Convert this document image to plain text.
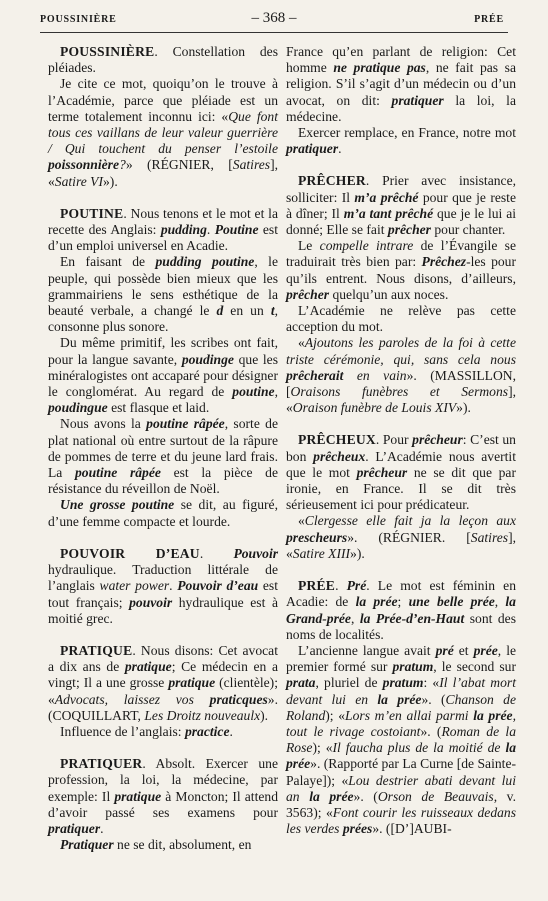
POUSSINIÈRE	– 368 –	PRÉE

POUSSINIÈRE. Constellation des pléiades.

Je cite ce mot, quoiqu’on le trouve à l’Académie, parce que pléiade est un terme totalement inconnu ici: «Que font tous ces vaillans de leur valeur guerrière / Qui touchent du penser l’estoile poissonnière?» (RÉGNIER, [Satires], «Satire VI»).

POUTINE. Nous tenons et le mot et la recette des Anglais: pudding. Poutine est d’un emploi universel en Acadie.

En faisant de pudding poutine, le peuple, qui possède bien mieux que les grammairiens le sens esthétique de la beauté verbale, a changé le d en un t, consonne plus sonore.

Du même primitif, les scribes ont fait, pour la langue savante, poudinge que les minéralogistes ont accaparé pour désigner le conglomérat. Au regard de poutine, poudingue est flasque et laid.

Nous avons la poutine râpée, sorte de plat national où entre surtout de la râpure de pommes de terre et du jeune lard frais. La poutine râpée est la pièce de résistance du réveillon de Noël.

Une grosse poutine se dit, au figuré, d’une femme compacte et lourde.

POUVOIR D’EAU. Pouvoir hydraulique. Traduction littérale de l’anglais water power. Pouvoir d’eau est tout français; pouvoir hydraulique est à moitié grec.

PRATIQUE. Nous disons: Cet avocat a dix ans de pratique; Ce médecin en a vingt; Il a une grosse pratique (clientèle); «Advocats, laissez vos praticques». (COQUILLART, Les Droitz nouveaulx).

Influence de l’anglais: practice.

PRATIQUER. Absolt. Exercer une profession, la loi, la médecine, par exemple: Il pratique à Moncton; Il attend d’avoir passé ses examens pour pratiquer.

Pratiquer ne se dit, absolument, en

France qu’en parlant de religion: Cet homme ne pratique pas, ne fait pas sa religion. S’il s’agit d’un médecin ou d’un avocat, on dit: pratiquer la loi, la médecine.

Exercer remplace, en France, notre mot pratiquer.

PRÊCHER. Prier avec insistance, solliciter: Il m’a prêché pour que je reste à dîner; Il m’a tant prêché que je le lui ai donné; Elle se fait prêcher pour chanter.

Le compelle intrare de l’Évangile se traduirait très bien par: Prêchez-les pour qu’ils entrent. Nous disons, d’ailleurs, prêcher quelqu’un aux noces.

L’Académie ne relève pas cette acception du mot.

«Ajoutons les paroles de la foi à cette triste cérémonie, qui, sans cela nous prêcherait en vain». (MASSILLON, [Oraisons funèbres et Sermons], «Oraison funèbre de Louis XIV»).

PRÊCHEUX. Pour prêcheur: C’est un bon prêcheux. L’Académie nous avertit que le mot prêcheur ne se dit que par ironie, en France. Il se dit très sérieusement ici pour prédicateur.

«Clergesse elle fait ja la leçon aux prescheurs». (RÉGNIER. [Satires], «Satire XIII»).

PRÉE. Pré. Le mot est féminin en Acadie: de la prée; une belle prée, la Grand-prée, la Prée-d’en-Haut sont des noms de localités.

L’ancienne langue avait pré et prée, le premier formé sur pratum, le second sur prata, pluriel de pratum: «Il l’abat mort devant lui en la prée». (Chanson de Roland); «Lors m’en allai parmi la prée, tout le rivage costoiant». (Roman de la Rose); «Il faucha plus de la moitié de la prée». (Rapporté par La Curne [de Sainte-Palaye]); «Lou destrier abati devant lui an la prée». (Orson de Beauvais, v. 3563); «Font courir les ruisseaux dedans les verdes prées». ([D’]AUBI-
